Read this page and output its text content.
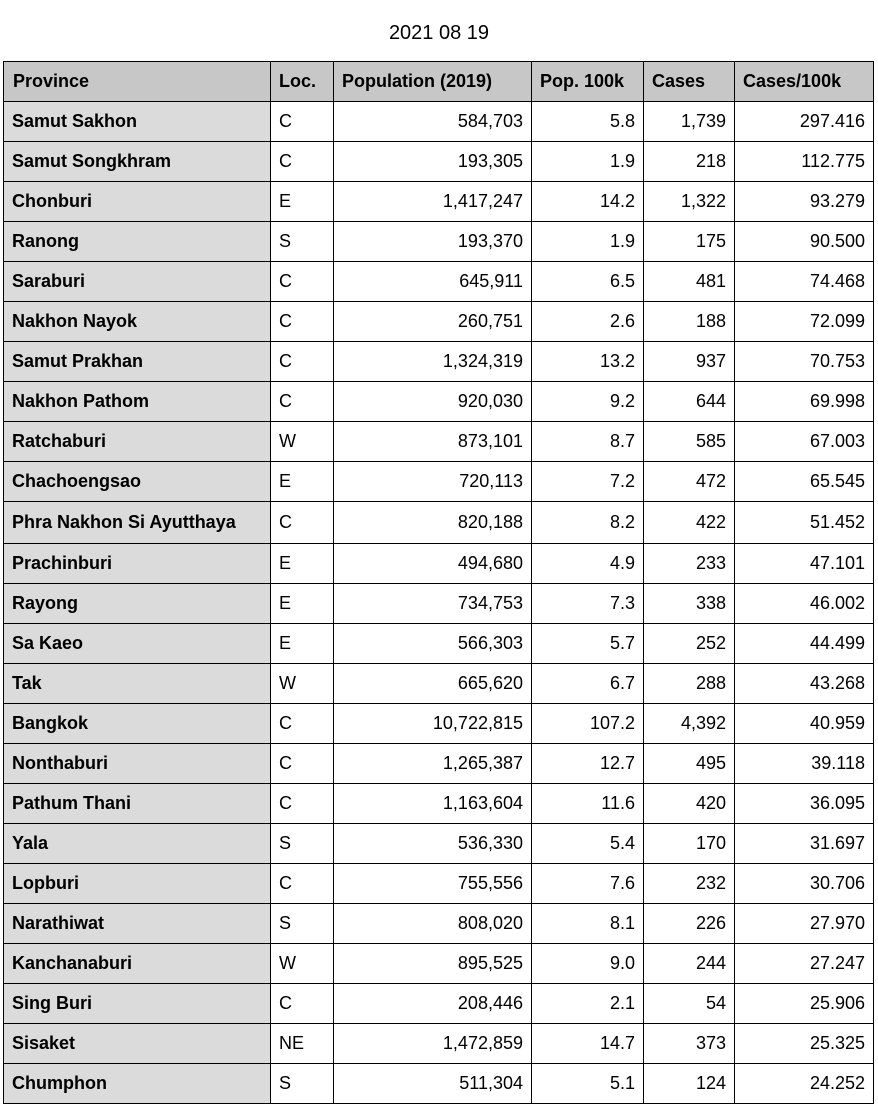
2021 08 19
Province	Loc.	Population (2019)	Pop. 100k	Cases	Cases/100k
Samut Sakhon	C	584,703	5.8	1,739	297.416
Samut Songkhram	C	193,305	1.9	218	112.775
Chonburi	E	1,417,247	14.2	1,322	93.279
Ranong	S	193,370	1.9	175	90.500
Saraburi	C	645,911	6.5	481	74.468
Nakhon Nayok	C	260,751	2.6	188	72.099
Samut Prakhan	C	1,324,319	13.2	937	70.753
Nakhon Pathom	C	920,030	9.2	644	69.998
Ratchaburi	W	873,101	8.7	585	67.003
Chachoengsao	E	720,113	7.2	472	65.545
Phra Nakhon Si Ayutthaya	C	820,188	8.2	422	51.452
Prachinburi	E	494,680	4.9	233	47.101
Rayong	E	734,753	7.3	338	46.002
Sa Kaeo	E	566,303	5.7	252	44.499
Tak	W	665,620	6.7	288	43.268
Bangkok	C	10,722,815	107.2	4,392	40.959
Nonthaburi	C	1,265,387	12.7	495	39.118
Pathum Thani	C	1,163,604	11.6	420	36.095
Yala	S	536,330	5.4	170	31.697
Lopburi	C	755,556	7.6	232	30.706
Narathiwat	S	808,020	8.1	226	27.970
Kanchanaburi	W	895,525	9.0	244	27.247
Sing Buri	C	208,446	2.1	54	25.906
Sisaket	NE	1,472,859	14.7	373	25.325
Chumphon	S	511,304	5.1	124	24.252
